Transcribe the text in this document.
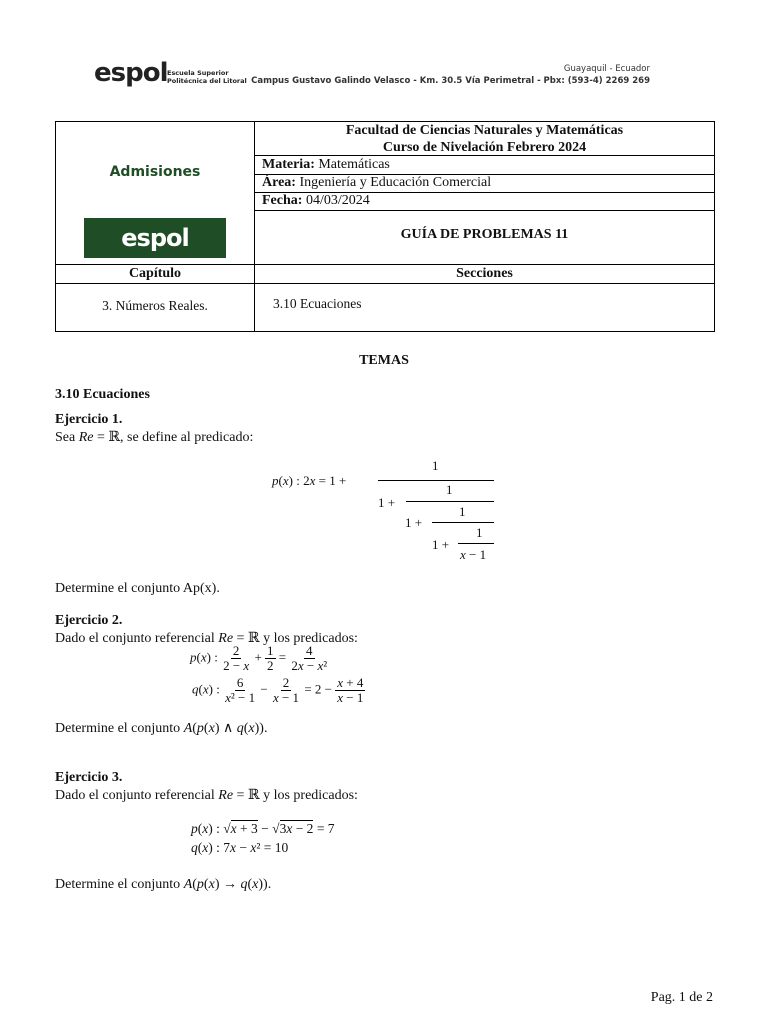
espol Escuela Superior
Politécnica del Litoral
Guayaquil - Ecuador
Campus Gustavo Galindo Velasco - Km. 30.5 Vía Perimetral - Pbx: (593-4) 2269 269
Admisiones
espol
Facultad de Ciencias Naturales y Matemáticas
Curso de Nivelación Febrero 2024
Materia: Matemáticas
Área: Ingeniería y Educación Comercial
Fecha: 04/03/2024
GUÍA DE PROBLEMAS 11
Capítulo	Secciones
3. Números Reales.	3.10 Ecuaciones
TEMAS
3.10 Ecuaciones
Ejercicio 1.
Sea Re = ℝ, se define al predicado:
p(x) : 2x = 1 +
1
1 +
1
1 +
1
1 +
1
x − 1
Determine el conjunto Ap(x).
Ejercicio 2.
Dado el conjunto referencial Re = ℝ y los predicados:
p(x) : $\frac{2}{2 - x} + \frac{1}{2} = \frac{4}{\text{2x − x²}}$
q(x) : $\frac{6}{\text{x² − 1}} - \frac{2}{x - 1} = 2 - \frac{x + 4}{x - 1}$
Determine el conjunto A(p(x) ∧ q(x)).
Ejercicio 3.
Dado el conjunto referencial Re = ℝ y los predicados:
p(x) : √x + 3 − √3x − 2 = 7
q(x) : 7x − x² = 10
Determine el conjunto A(p(x) → q(x)).
Pag. 1 de 2
